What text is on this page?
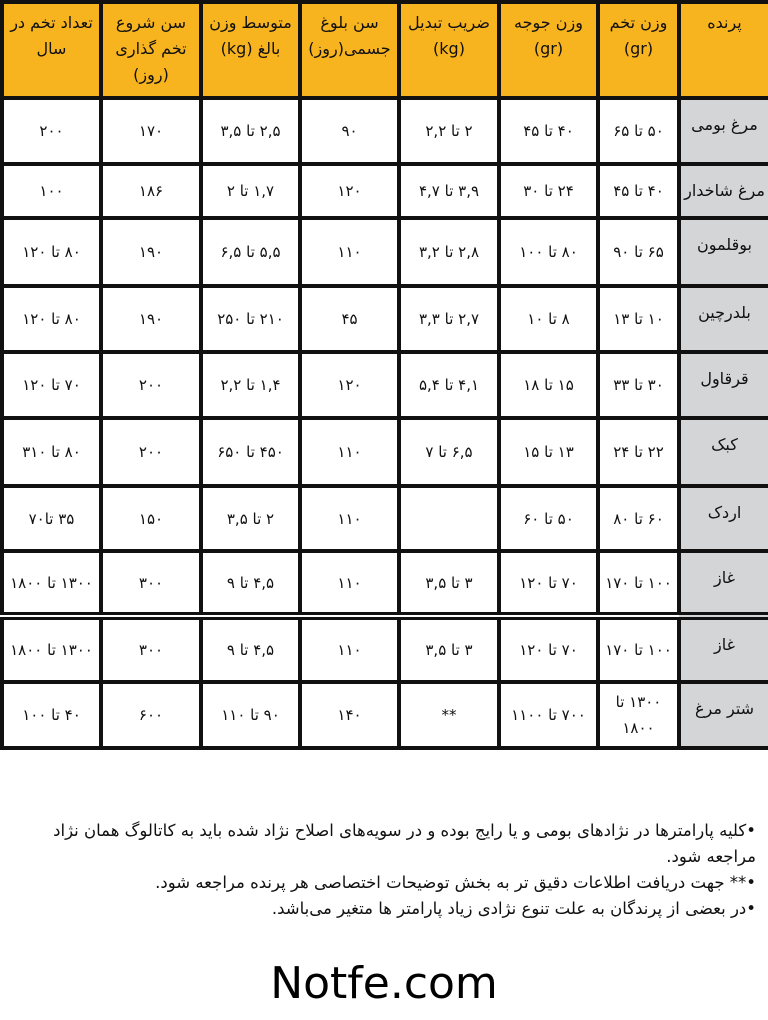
پرنده	وزن تخم (gr)	وزن جوجه (gr)	ضریب تبدیل (kg)	سن بلوغ جسمی(روز)	متوسط وزن بالغ (kg)	سن شروع تخم گذاری (روز)	تعداد تخم در سال
مرغ بومی	۵۰ تا ۶۵	۴۰ تا ۴۵	۲ تا ۲,۲	۹۰	۲,۵ تا ۳,۵	۱۷۰	۲۰۰
مرغ شاخدار	۴۰ تا ۴۵	۲۴ تا ۳۰	۳,۹ تا ۴,۷	۱۲۰	۱,۷ تا ۲	۱۸۶	۱۰۰
بوقلمون	۶۵ تا ۹۰	۸۰ تا ۱۰۰	۲,۸ تا ۳,۲	۱۱۰	۵,۵ تا ۶,۵	۱۹۰	۸۰ تا ۱۲۰
بلدرچین	۱۰ تا ۱۳	۸ تا ۱۰	۲,۷ تا ۳,۳	۴۵	۲۱۰ تا ۲۵۰	۱۹۰	۸۰ تا ۱۲۰
قرقاول	۳۰ تا ۳۳	۱۵ تا ۱۸	۴,۱ تا ۵,۴	۱۲۰	۱,۴ تا ۲,۲	۲۰۰	۷۰ تا ۱۲۰
کبک	۲۲ تا ۲۴	۱۳ تا ۱۵	۶,۵ تا ۷	۱۱۰	۴۵۰ تا ۶۵۰	۲۰۰	۸۰ تا ۳۱۰
اردک	۶۰ تا ۸۰	۵۰ تا ۶۰		۱۱۰	۲ تا ۳,۵	۱۵۰	۳۵ تا۷۰
غاز	۱۰۰ تا ۱۷۰	۷۰ تا ۱۲۰	۳ تا ۳,۵	۱۱۰	۴,۵ تا ۹	۳۰۰	۱۳۰۰ تا ۱۸۰۰
غاز	۱۰۰ تا ۱۷۰	۷۰ تا ۱۲۰	۳ تا ۳,۵	۱۱۰	۴,۵ تا ۹	۳۰۰	۱۳۰۰ تا ۱۸۰۰
شتر مرغ	۱۳۰۰ تا ۱۸۰۰	۷۰۰ تا ۱۱۰۰	**	۱۴۰	۹۰ تا ۱۱۰	۶۰۰	۴۰ تا ۱۰۰

•کلیه پارامترها در نژادهای بومی و یا رایج بوده و در سویه‌های اصلاح نژاد شده باید به کاتالوگ همان نژاد مراجعه شود.

•** جهت دریافت اطلاعات دقیق تر به بخش توضیحات اختصاصی هر پرنده مراجعه شود.

•در بعضی از پرندگان به علت تنوع نژادی زیاد پارامتر ها متغیر می‌باشد.

Notfe.com
